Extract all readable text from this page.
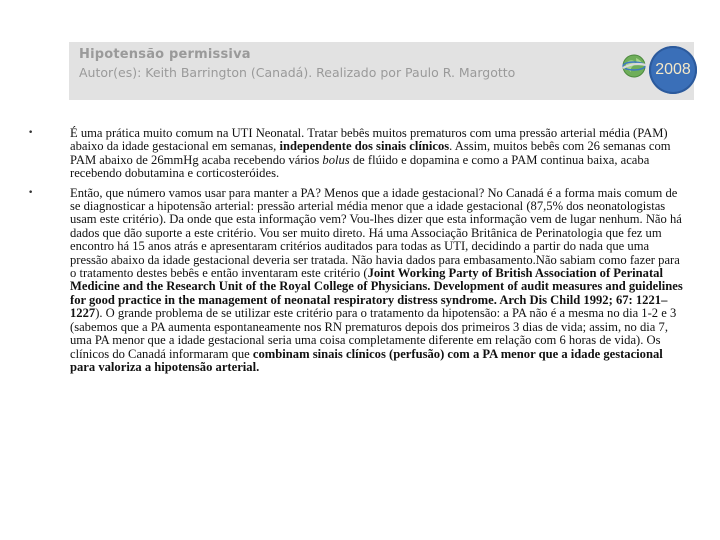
Hipotensão permissiva
Autor(es): Keith Barrington (Canadá). Realizado por Paulo R. Margotto	2008
•	É uma prática muito comum na UTI Neonatal. Tratar bebês muitos prematuros com uma pressão arterial média (PAM) abaixo da idade gestacional em semanas, independente dos sinais clínicos. Assim, muitos bebês com 26 semanas com PAM abaixo de 26mmHg acaba recebendo vários bolus de flúido e dopamina e como a PAM continua baixa, acaba recebendo dobutamina e corticosteróides.
•	Então, que número vamos usar para manter a PA? Menos que a idade gestacional? No Canadá é a forma mais comum de se diagnosticar a hipotensão arterial: pressão arterial média menor que a idade gestacional (87,5% dos neonatologistas usam este critério). Da onde que esta informação vem? Vou-lhes dizer que esta informação vem de lugar nenhum. Não há dados que dão suporte a este critério. Vou ser muito direto. Há uma Associação Britânica de Perinatologia que fez um encontro há 15 anos atrás e apresentaram critérios auditados para todas as UTI, decidindo a partir do nada que uma pressão abaixo da idade gestacional deveria ser tratada. Não havia dados para embasamento.Não sabiam como fazer para o tratamento destes bebês e então inventaram este critério (Joint Working Party of British Association of Perinatal Medicine and the Research Unit of the Royal College of Physicians. Development of audit measures and guidelines for good practice in the management of neonatal respiratory distress syndrome. Arch Dis Child 1992; 67: 1221–1227). O grande problema de se utilizar este critério para o tratamento da hipotensão: a PA não é a mesma no dia 1-2 e 3 (sabemos que a PA aumenta espontaneamente nos RN prematuros depois dos primeiros 3 dias de vida; assim, no dia 7, uma PA menor que a idade gestacional seria uma coisa completamente diferente em relação com 6 horas de vida). Os clínicos do Canadá informaram que combinam sinais clínicos (perfusão) com a PA menor que a idade gestacional para valoriza a hipotensão arterial.
